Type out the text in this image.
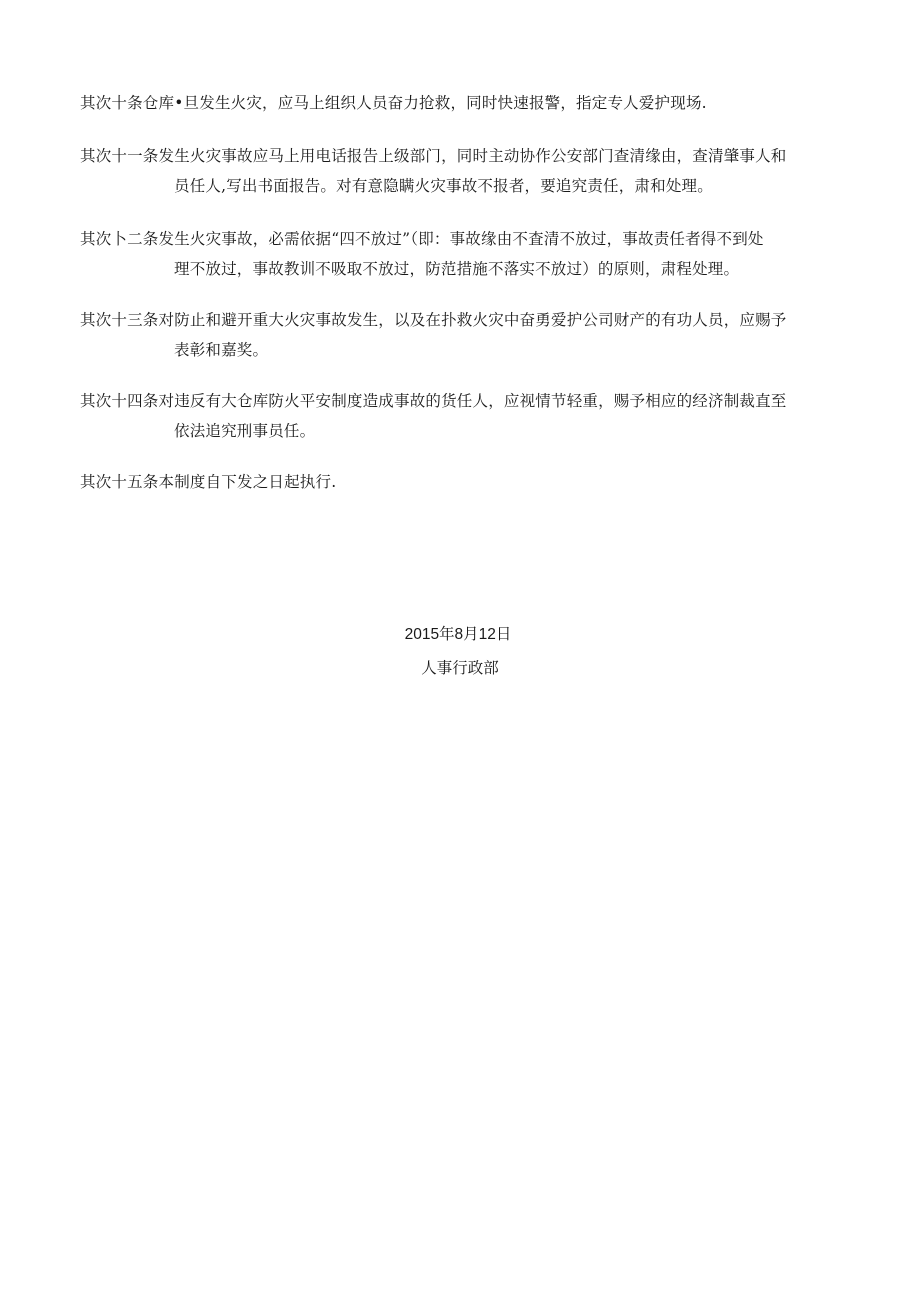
其次十条仓库•旦发生火灾，应马上组织人员奋力抢救，同时快速报警，指定专人爱护现场.
其次十一条发生火灾事故应马上用电话报告上级部门，同时主动协作公安部门查清缘由，查清肇事人和
员任人,写出书面报告。对有意隐瞒火灾事故不报者，要追究责任，肃和处理。
其次卜二条发生火灾事故，必需依据“四不放过”（即：事故缘由不査清不放过，事故责任者得不到处
理不放过，事故教训不吸取不放过，防范措施不落实不放过）的原则，肃程处理。
其次十三条对防止和避开重大火灾事故发生，以及在扑救火灾中奋勇爱护公司财产的有功人员，应赐予
表彰和嘉奖。
其次十四条对违反有大仓库防火平安制度造成事故的货任人，应视情节轻重，赐予相应的经济制裁直至
依法追究刑事员任。
其次十五条本制度自下发之日起执行.
2015年8月12日
人事行政部
